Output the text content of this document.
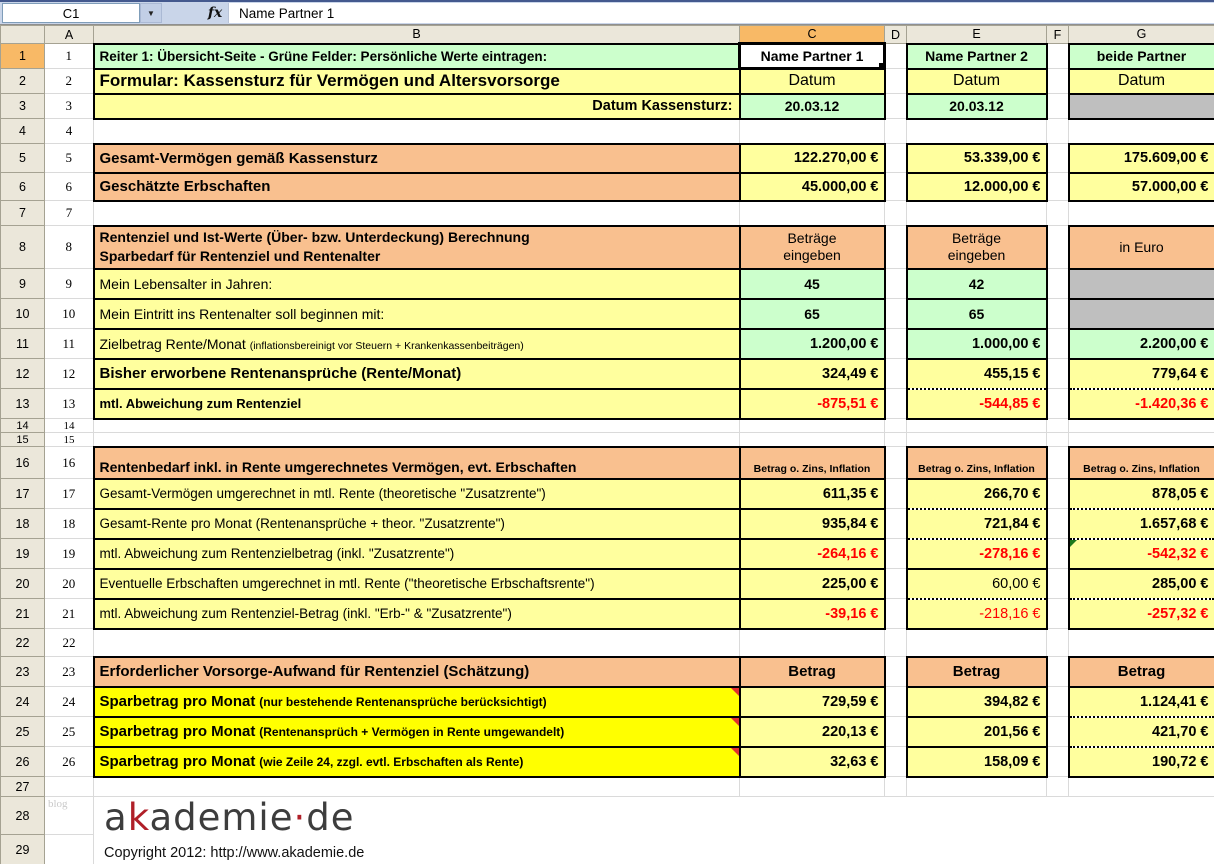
C1	▼	fx Name Partner 1
	A	B	C	D	E	F	G
1	1	Reiter 1: Übersicht-Seite - Grüne Felder: Persönliche Werte eintragen:	Name Partner 1		Name Partner 2		beide Partner
2	2	Formular: Kassensturz für Vermögen und Altersvorsorge	Datum		Datum		Datum
3	3	Datum Kassensturz:	20.03.12		20.03.12		
4	4						
5	5	Gesamt-Vermögen gemäß Kassensturz	122.270,00 €		53.339,00 €		175.609,00 €
6	6	Geschätzte Erbschaften	45.000,00 €		12.000,00 €		57.000,00 €
7	7						
8	8	Rentenziel und Ist-Werte (Über- bzw. Unterdeckung) Berechnung
Sparbedarf für Rentenziel und Rentenalter	Beträge eingeben		Beträge eingeben		in Euro
9	9	Mein Lebensalter in Jahren:	45		42		
10	10	Mein Eintritt ins Rentenalter soll beginnen mit:	65		65		
11	11	Zielbetrag Rente/Monat (inflationsbereinigt vor Steuern + Krankenkassenbeiträgen)	1.200,00 €		1.000,00 €		2.200,00 €
12	12	Bisher erworbene Rentenansprüche (Rente/Monat)	324,49 €		455,15 €		779,64 €
13	13	mtl. Abweichung zum Rentenziel	-875,51 €		-544,85 €		-1.420,36 €
14	14						
15	15						
16	16	Rentenbedarf inkl. in Rente umgerechnetes Vermögen, evt. Erbschaften	Betrag o. Zins, Inflation		Betrag o. Zins, Inflation		Betrag o. Zins, Inflation
17	17	Gesamt-Vermögen umgerechnet in mtl. Rente (theoretische "Zusatzrente")	611,35 €		266,70 €		878,05 €
18	18	Gesamt-Rente pro Monat (Rentenansprüche + theor. "Zusatzrente")	935,84 €		721,84 €		1.657,68 €
19	19	mtl. Abweichung zum Rentenzielbetrag (inkl. "Zusatzrente")	-264,16 €		-278,16 €		-542,32 €
20	20	Eventuelle Erbschaften umgerechnet in mtl. Rente ("theoretische Erbschaftsrente")	225,00 €		60,00 €		285,00 €
21	21	mtl. Abweichung zum Rentenziel-Betrag (inkl. "Erb-" & "Zusatzrente")	-39,16 €		-218,16 €		-257,32 €
22	22						
23	23	Erforderlicher Vorsorge-Aufwand für Rentenziel (Schätzung)	Betrag		Betrag		Betrag
24	24	Sparbetrag pro Monat (nur bestehende Rentenansprüche berücksichtigt)	729,59 €		394,82 €		1.124,41 €
25	25	Sparbetrag pro Monat (Rentenansprüch + Vermögen in Rente umgewandelt)	220,13 €		201,56 €		421,70 €
26	26	Sparbetrag pro Monat (wie Zeile 24, zzgl. evtl. Erbschaften als Rente)	32,63 €		158,09 €		190,72 €
27							
28	blog	akademie·de
Copyright 2012: http://www.akademie.de					

29							
